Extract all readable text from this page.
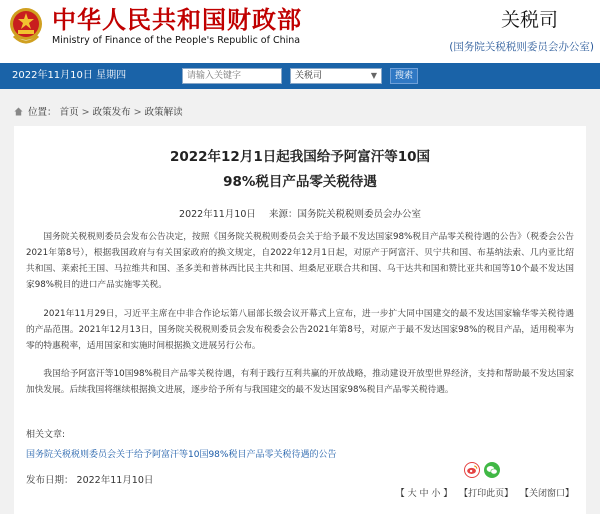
中华人民共和国财政部
Ministry of Finance of the People's Republic of China
关税司
(国务院关税税则委员会办公室)
2022年11月10日 星期四
请输入关键字	关税司	▼	搜索
位置： 首页 > 政策发布 > 政策解读
2022年12月1日起我国给予阿富汗等10国
98%税目产品零关税待遇
2022年11月10日 来源：国务院关税税则委员会办公室

国务院关税税则委员会发布公告决定，按照《国务院关税税则委员会关于给予最不发达国家98%税目产品零关税待遇的公告》（税委会公告2021年第8号），根据我国政府与有关国家政府的换文规定，自2022年12月1日起，对原产于阿富汗、贝宁共和国、布基纳法索、几内亚比绍共和国、莱索托王国、马拉维共和国、圣多美和普林西比民主共和国、坦桑尼亚联合共和国、乌干达共和国和赞比亚共和国等10个最不发达国家98%税目的进口产品实施零关税。

2021年11月29日，习近平主席在中非合作论坛第八届部长级会议开幕式上宣布，进一步扩大同中国建交的最不发达国家输华零关税待遇的产品范围。2021年12月13日，国务院关税税则委员会发布税委会公告2021年第8号，对原产于最不发达国家98%的税目产品，适用税率为零的特惠税率，适用国家和实施时间根据换文进展另行公布。

我国给予阿富汗等10国98%税目产品零关税待遇，有利于践行互利共赢的开放战略，推动建设开放型世界经济，支持和帮助最不发达国家加快发展。后续我国将继续根据换文进展，逐步给予所有与我国建交的最不发达国家98%税目产品零关税待遇。

相关文章:
国务院关税税则委员会关于给予阿富汗等10国98%税目产品零关税待遇的公告
发布日期： 2022年11月10日
【 大 中 小 】 【打印此页】 【关闭窗口】
